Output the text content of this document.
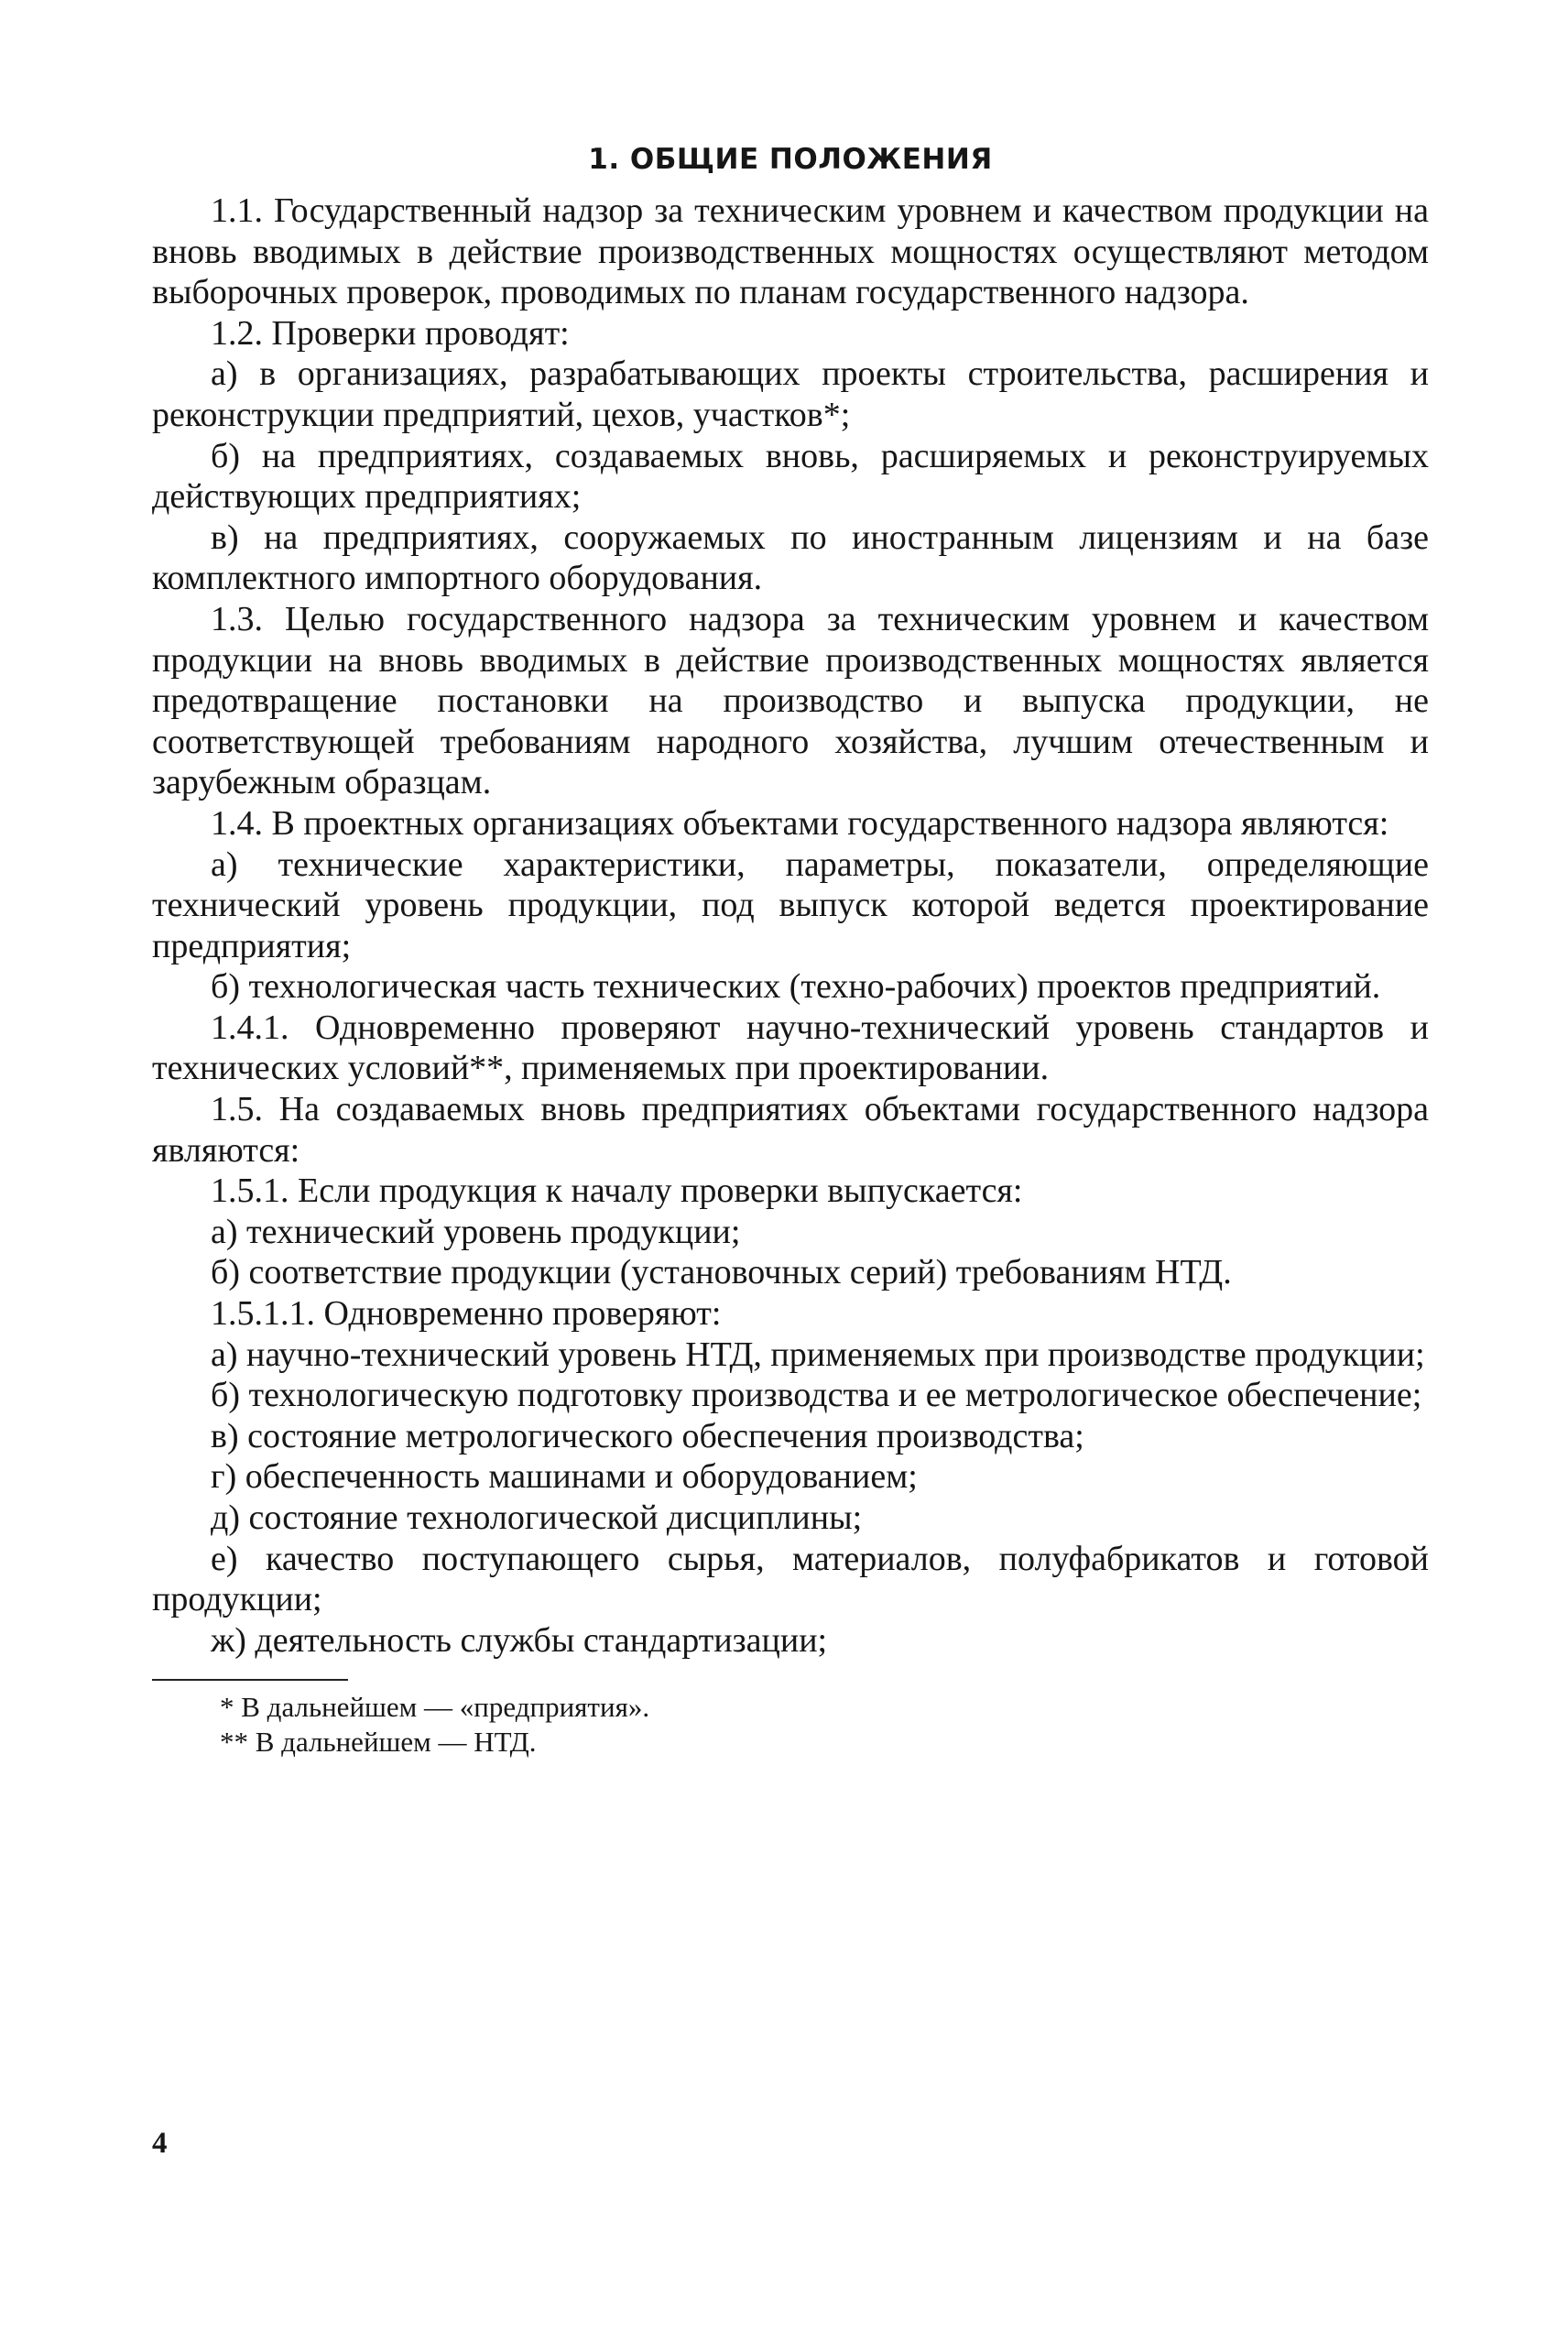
1. ОБЩИЕ ПОЛОЖЕНИЯ

1.1. Государственный надзор за техническим уровнем и качеством продукции на вновь вводимых в действие производственных мощностях осуществляют методом выборочных проверок, проводимых по планам государственного надзора.

1.2. Проверки проводят:

а) в организациях, разрабатывающих проекты строительства, расширения и реконструкции предприятий, цехов, участков*;

б) на предприятиях, создаваемых вновь, расширяемых и реконструируемых действующих предприятиях;

в) на предприятиях, сооружаемых по иностранным лицензиям и на базе комплектного импортного оборудования.

1.3. Целью государственного надзора за техническим уровнем и качеством продукции на вновь вводимых в действие производственных мощностях является предотвращение постановки на производство и выпуска продукции, не соответствующей требованиям народного хозяйства, лучшим отечественным и зарубежным образцам.

1.4. В проектных организациях объектами государственного надзора являются:

а) технические характеристики, параметры, показатели, определяющие технический уровень продукции, под выпуск которой ведется проектирование предприятия;

б) технологическая часть технических (техно-рабочих) проектов предприятий.

1.4.1. Одновременно проверяют научно-технический уровень стандартов и технических условий**, применяемых при проектировании.

1.5. На создаваемых вновь предприятиях объектами государственного надзора являются:

1.5.1. Если продукция к началу проверки выпускается:

а) технический уровень продукции;

б) соответствие продукции (установочных серий) требованиям НТД.

1.5.1.1. Одновременно проверяют:

а) научно-технический уровень НТД, применяемых при производстве продукции;

б) технологическую подготовку производства и ее метрологическое обеспечение;

в) состояние метрологического обеспечения производства;

г) обеспеченность машинами и оборудованием;

д) состояние технологической дисциплины;

е) качество поступающего сырья, материалов, полуфабрикатов и готовой продукции;

ж) деятельность службы стандартизации;

* В дальнейшем — «предприятия».

** В дальнейшем — НТД.

4
